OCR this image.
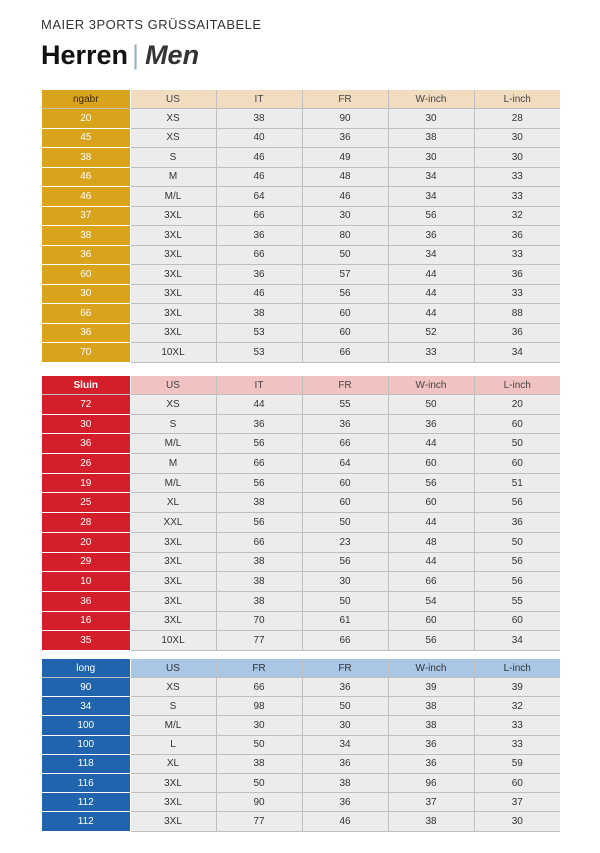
MAIER 3PORTS GRÜSSAITABELE
Herren | Men
ngabr	US	IT	FR	W-inch	L-inch
20	XS	38	90	30	28
45	XS	40	36	38	30
38	S	46	49	30	30
46	M	46	48	34	33
46	M/L	64	46	34	33
37	3XL	66	30	56	32
38	3XL	36	80	36	36
36	3XL	66	50	34	33
60	3XL	36	57	44	36
30	3XL	46	56	44	33
66	3XL	38	60	44	88
36	3XL	53	60	52	36
70	10XL	53	66	33	34
Sluin	US	IT	FR	W-inch	L-inch
72	XS	44	55	50	20
30	S	36	36	36	60
36	M/L	56	66	44	50
26	M	66	64	60	60
19	M/L	56	60	56	51
25	XL	38	60	60	56
28	XXL	56	50	44	36
20	3XL	66	23	48	50
29	3XL	38	56	44	56
10	3XL	38	30	66	56
36	3XL	38	50	54	55
16	3XL	70	61	60	60
35	10XL	77	66	56	34
long	US	FR	FR	W-inch	L-inch
90	XS	66	36	39	39
34	S	98	50	38	32
100	M/L	30	30	38	33
100	L	50	34	36	33
118	XL	38	36	36	59
116	3XL	50	38	96	60
112	3XL	90	36	37	37
112	3XL	77	46	38	30
